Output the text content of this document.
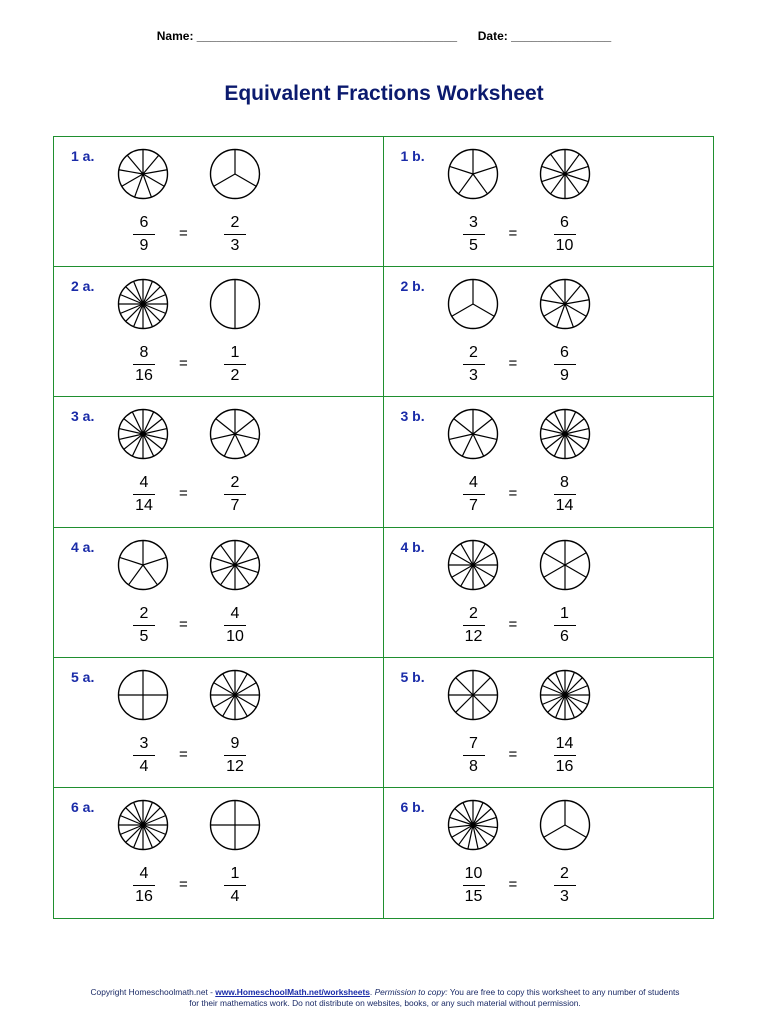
Name: _______________________________________ Date: _______________
Equivalent Fractions Worksheet
1 a.
$\frac{6}{9} = \frac{2}{3}$
1 b.
$\frac{3}{5} = \frac{6}{10}$
2 a.
$\frac{8}{16} = \frac{1}{2}$
2 b.
$\frac{2}{3} = \frac{6}{9}$
3 a.
$\frac{4}{14} = \frac{2}{7}$
3 b.
$\frac{4}{7} = \frac{8}{14}$
4 a.
$\frac{2}{5} = \frac{4}{10}$
4 b.
$\frac{2}{12} = \frac{1}{6}$
5 a.
$\frac{3}{4} = \frac{9}{12}$
5 b.
$\frac{7}{8} = \frac{14}{16}$
6 a.
$\frac{4}{16} = \frac{1}{4}$
6 b.
$\frac{10}{15} = \frac{2}{3}$
Copyright Homeschoolmath.net - www.HomeschoolMath.net/worksheets. Permission to copy: You are free to copy this worksheet to any number of students for their mathematics work. Do not distribute on websites, books, or any such material without permission.
